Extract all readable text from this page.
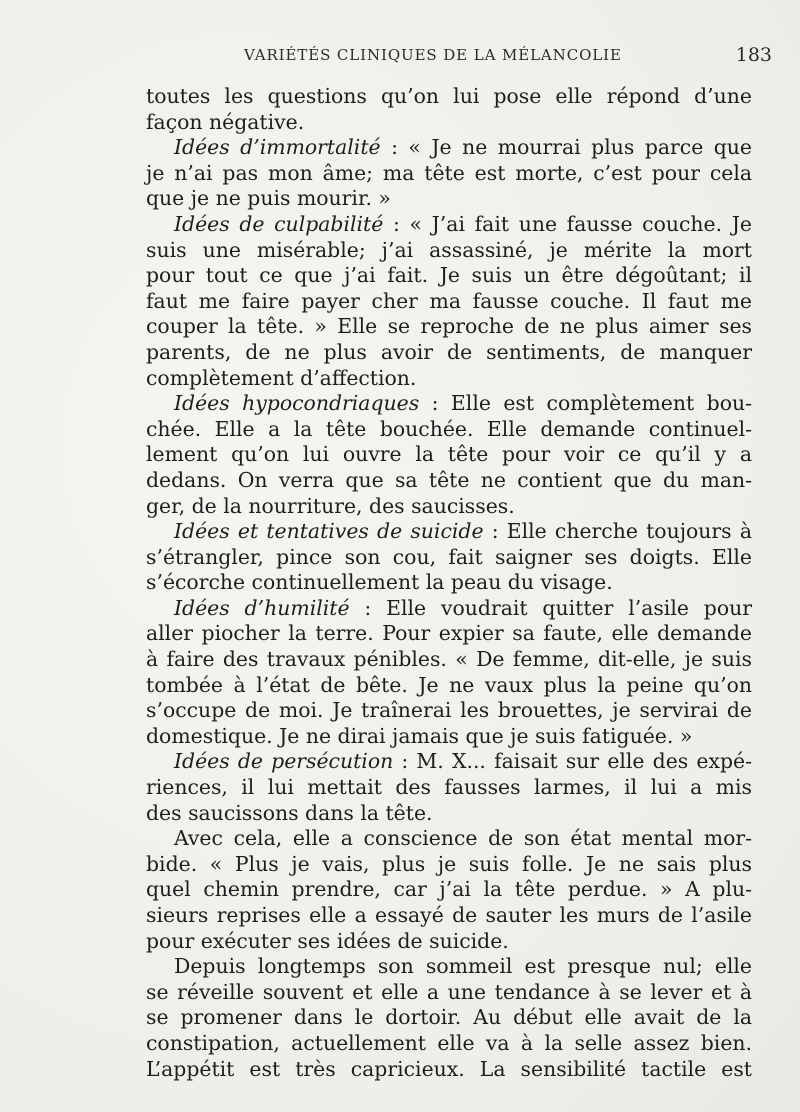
VARIÉTÉS CLINIQUES DE LA MÉLANCOLIE	183
toutes les questions qu’on lui pose elle répond d’une
façon négative.
Idées d’immortalité : « Je ne mourrai plus parce que
je n’ai pas mon âme; ma tête est morte, c’est pour cela
que je ne puis mourir. »
Idées de culpabilité : « J’ai fait une fausse couche. Je
suis une misérable; j’ai assassiné, je mérite la mort
pour tout ce que j’ai fait. Je suis un être dégoûtant; il
faut me faire payer cher ma fausse couche. Il faut me
couper la tête. » Elle se reproche de ne plus aimer ses
parents, de ne plus avoir de sentiments, de manquer
complètement d’affection.
Idées hypocondriaques : Elle est complètement bou-
chée. Elle a la tête bouchée. Elle demande continuel-
lement qu’on lui ouvre la tête pour voir ce qu’il y a
dedans. On verra que sa tête ne contient que du man-
ger, de la nourriture, des saucisses.
Idées et tentatives de suicide : Elle cherche toujours à
s’étrangler, pince son cou, fait saigner ses doigts. Elle
s’écorche continuellement la peau du visage.
Idées d’humilité : Elle voudrait quitter l’asile pour
aller piocher la terre. Pour expier sa faute, elle demande
à faire des travaux pénibles. « De femme, dit-elle, je suis
tombée à l’état de bête. Je ne vaux plus la peine qu’on
s’occupe de moi. Je traînerai les brouettes, je servirai de
domestique. Je ne dirai jamais que je suis fatiguée. »
Idées de persécution : M. X... faisait sur elle des expé-
riences, il lui mettait des fausses larmes, il lui a mis
des saucissons dans la tête.
Avec cela, elle a conscience de son état mental mor-
bide. « Plus je vais, plus je suis folle. Je ne sais plus
quel chemin prendre, car j’ai la tête perdue. » A plu-
sieurs reprises elle a essayé de sauter les murs de l’asile
pour exécuter ses idées de suicide.
Depuis longtemps son sommeil est presque nul; elle
se réveille souvent et elle a une tendance à se lever et à
se promener dans le dortoir. Au début elle avait de la
constipation, actuellement elle va à la selle assez bien.
L’appétit est très capricieux. La sensibilité tactile est
